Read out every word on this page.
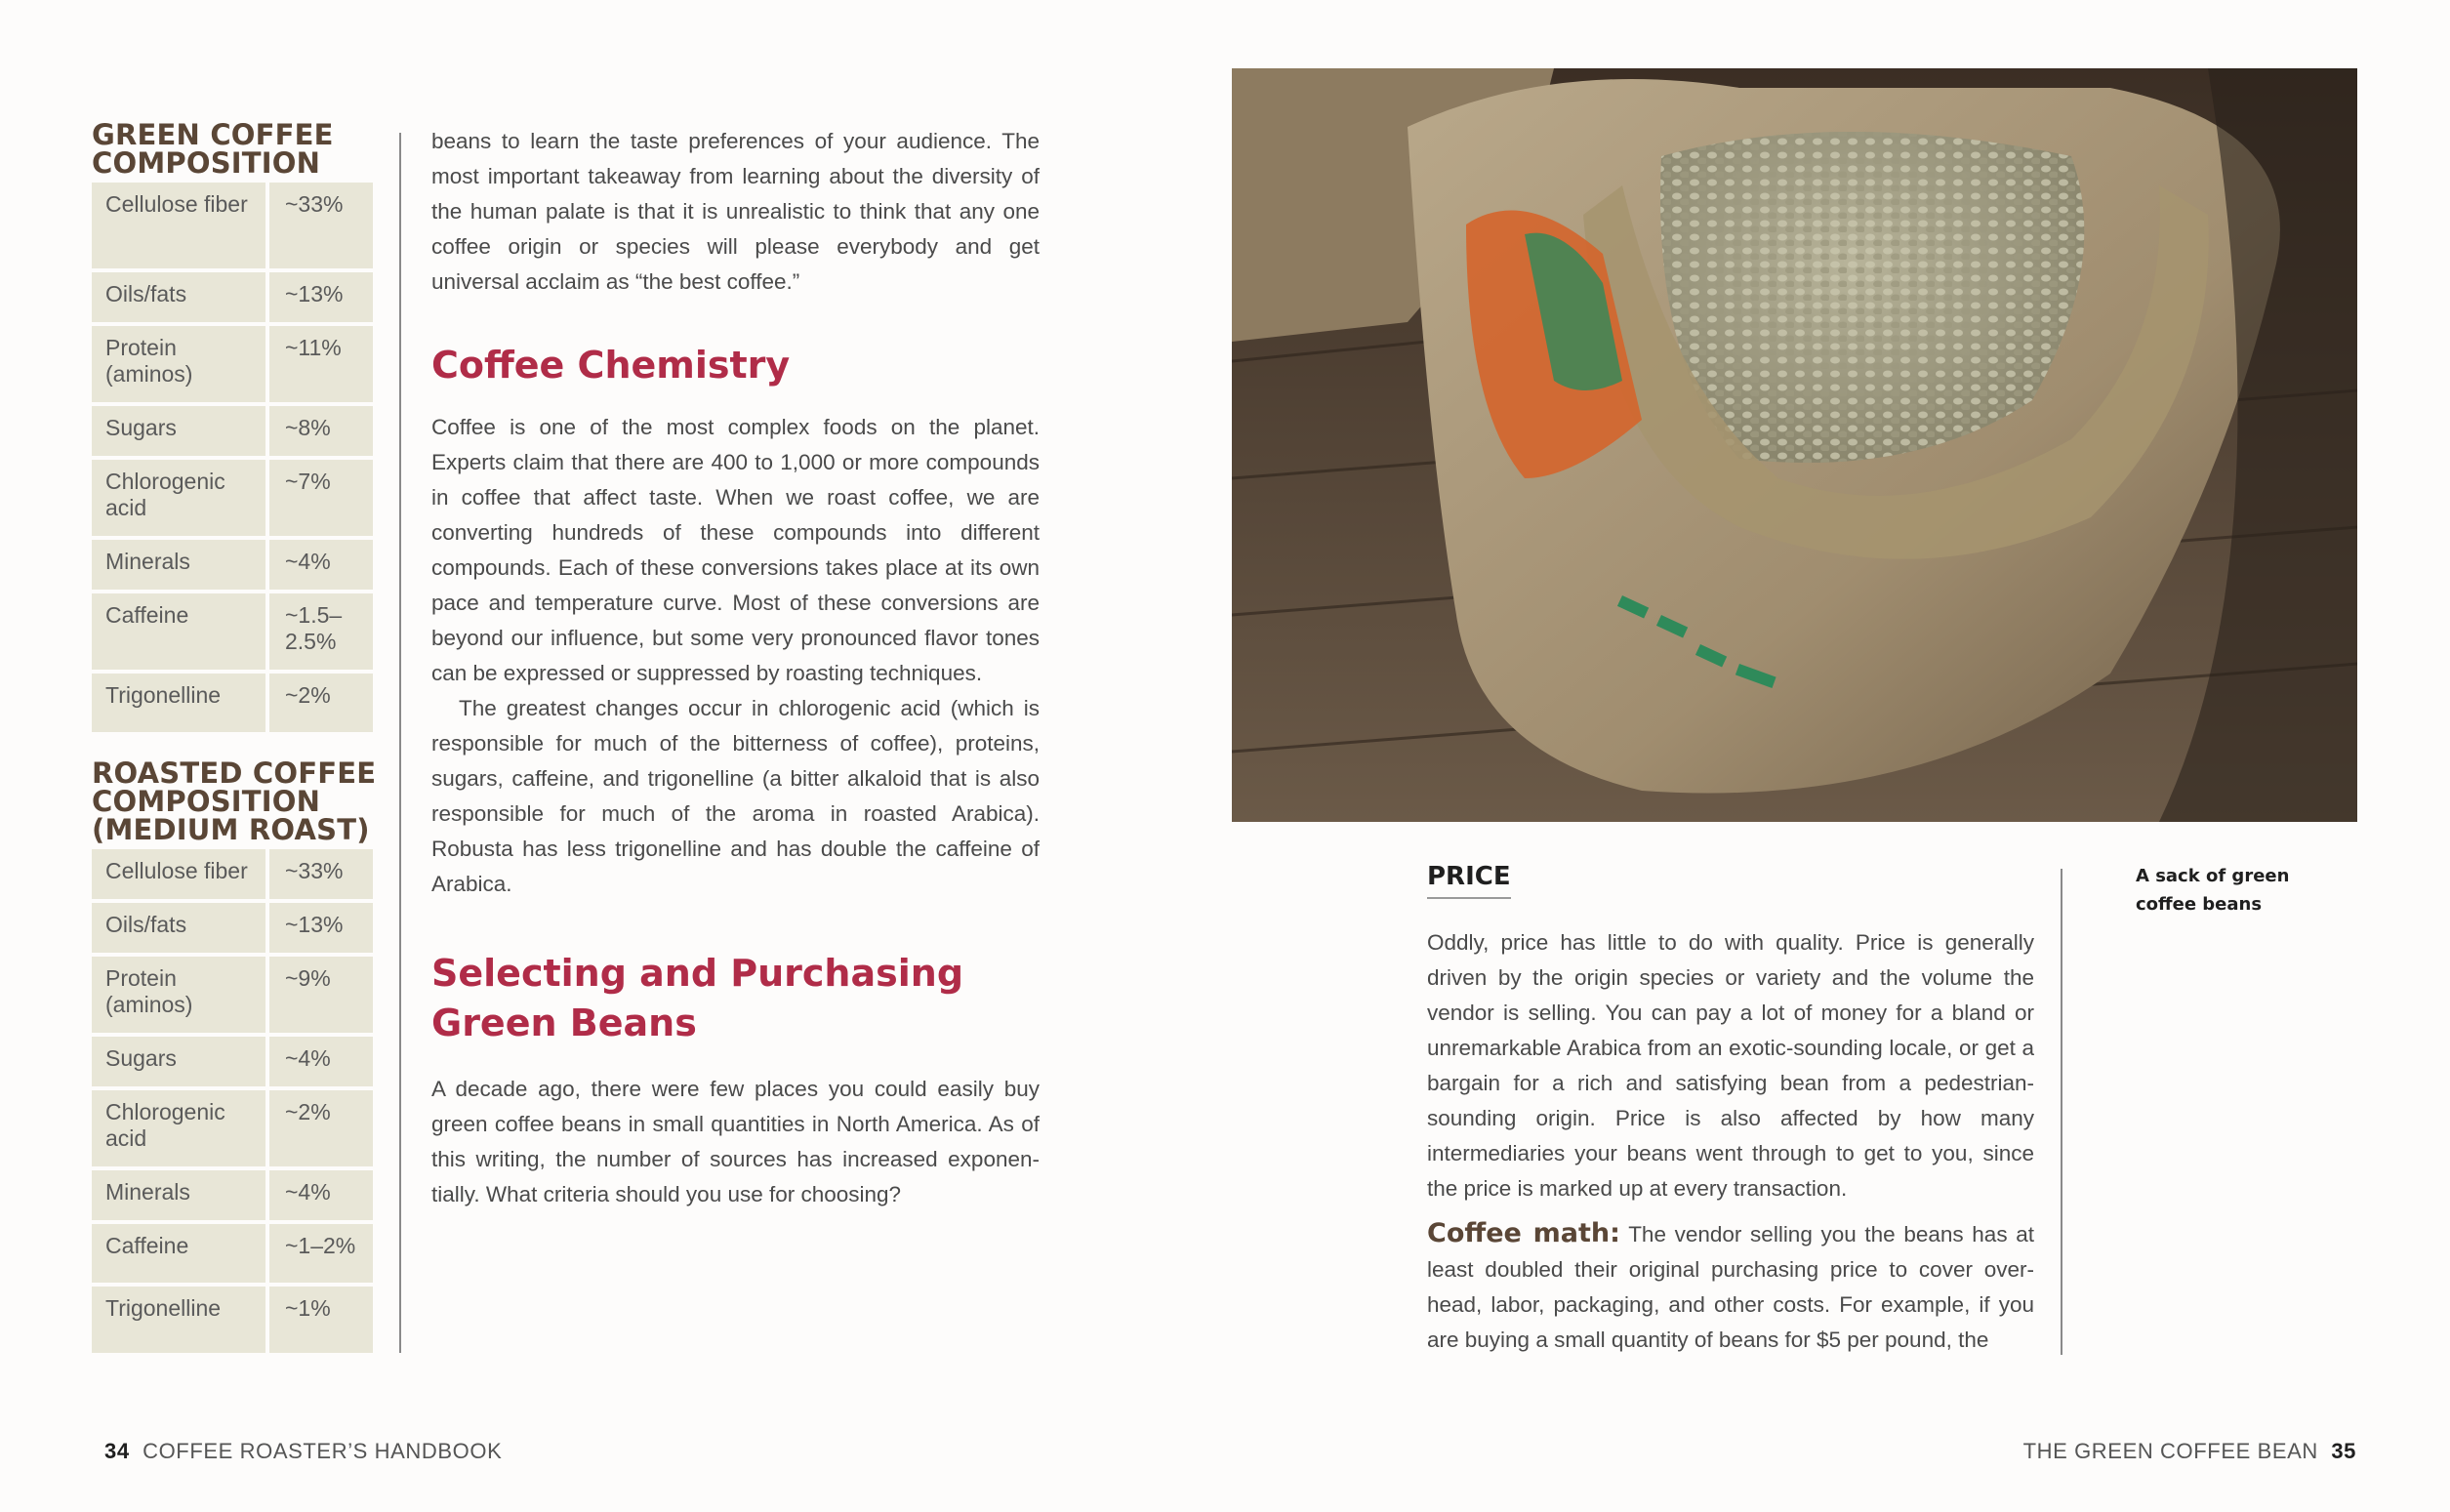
GREEN COFFEE
COMPOSITION
Cellulose fiber	~33%
Oils/fats	~13%
Protein (aminos)	~11%
Sugars	~8%
Chlorogenic acid	~7%
Minerals	~4%
Caffeine	~1.5–2.5%
Trigonelline	~2%
ROASTED COFFEE
COMPOSITION
(MEDIUM ROAST)
Cellulose fiber	~33%
Oils/fats	~13%
Protein (aminos)	~9%
Sugars	~4%
Chlorogenic acid	~2%
Minerals	~4%
Caffeine	~1–2%
Trigonelline	~1%

beans to learn the taste preferences of your audience. The most important takeaway from learning about the diversity of the human palate is that it is unrealistic to think that any one coffee origin or species will please everybody and get universal acclaim as “the best coffee.”

Coffee Chemistry

Coffee is one of the most complex foods on the planet. Experts claim that there are 400 to 1,000 or more compounds in coffee that affect taste. When we roast coffee, we are converting hundreds of these compounds into different compounds. Each of these conversions takes place at its own pace and temperature curve. Most of these conversions are beyond our influence, but some very pronounced flavor tones can be expressed or suppressed by roasting techniques.

The greatest changes occur in chlorogenic acid (which is responsible for much of the bitterness of coffee), proteins, sugars, caffeine, and trigonelline (a bitter alkaloid that is also responsible for much of the aroma in roasted Arabica). Robusta has less trigonelline and has double the caffeine of Arabica.

Selecting and Purchasing
Green Beans

A decade ago, there were few places you could easily buy green coffee beans in small quantities in North America. As of this writing, the number of sources has increased exponentially. What criteria should you use for choosing?

34 COFFEE ROASTER’S HANDBOOK
PRICE

Oddly, price has little to do with quality. Price is generally driven by the origin species or variety and the volume the vendor is selling. You can pay a lot of money for a bland or unremarkable Arabica from an exotic-sounding locale, or get a bargain for a rich and satisfying bean from a pedestrian-sounding origin. Price is also affected by how many intermediaries your beans went through to get to you, since the price is marked up at every transaction.

Coffee math: The vendor selling you the beans has at least doubled their original purchasing price to cover overhead, labor, packaging, and other costs. For example, if you are buying a small quantity of beans for $5 per pound, the

A sack of green coffee beans
THE GREEN COFFEE BEAN 35
